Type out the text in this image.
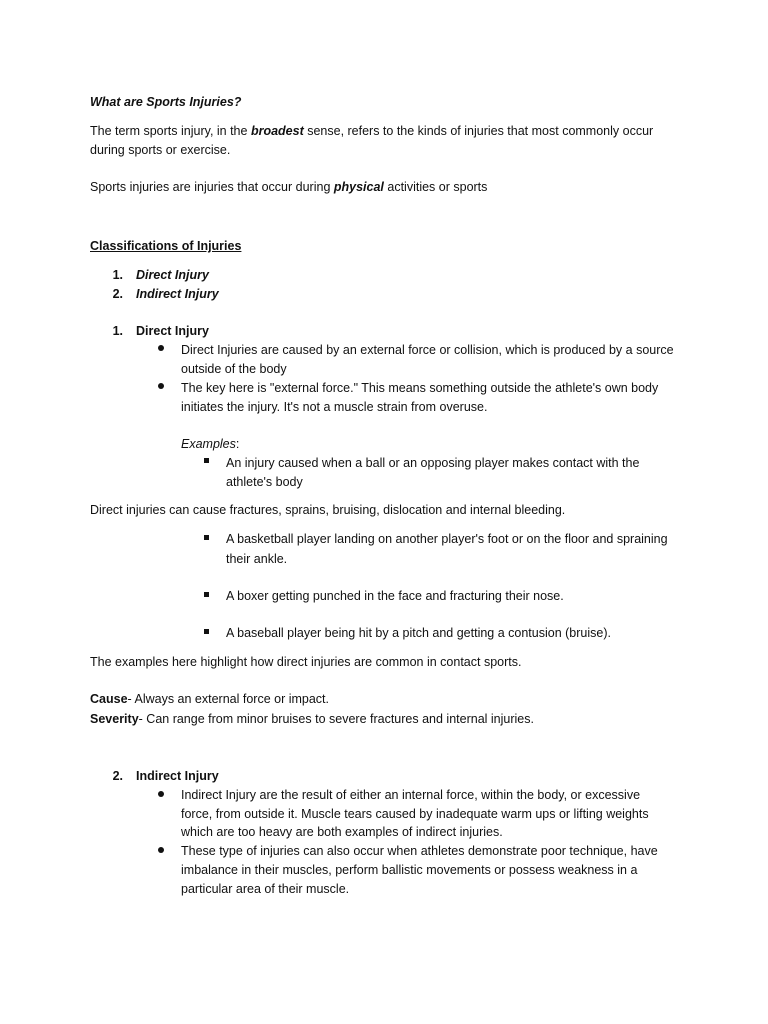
What are Sports Injuries?
The term sports injury, in the broadest sense, refers to the kinds of injuries that most commonly occur
during sports or exercise.
Sports injuries are injuries that occur during physical activities or sports
Classifications of Injuries
1. Direct Injury
2. Indirect Injury
1. Direct Injury
Direct Injuries are caused by an external force or collision, which is produced by a source
outside of the body
The key here is "external force." This means something outside the athlete's own body
initiates the injury. It's not a muscle strain from overuse.
Examples:
An injury caused when a ball or an opposing player makes contact with the
athlete's body
Direct injuries can cause fractures, sprains, bruising, dislocation and internal bleeding.
A basketball player landing on another player's foot or on the floor and spraining
their ankle.
A boxer getting punched in the face and fracturing their nose.
A baseball player being hit by a pitch and getting a contusion (bruise).
The examples here highlight how direct injuries are common in contact sports.
Cause- Always an external force or impact.
Severity- Can range from minor bruises to severe fractures and internal injuries.
2. Indirect Injury
Indirect Injury are the result of either an internal force, within the body, or excessive
force, from outside it. Muscle tears caused by inadequate warm ups or lifting weights
which are too heavy are both examples of indirect injuries.
These type of injuries can also occur when athletes demonstrate poor technique, have
imbalance in their muscles, perform ballistic movements or possess weakness in a
particular area of their muscle.
